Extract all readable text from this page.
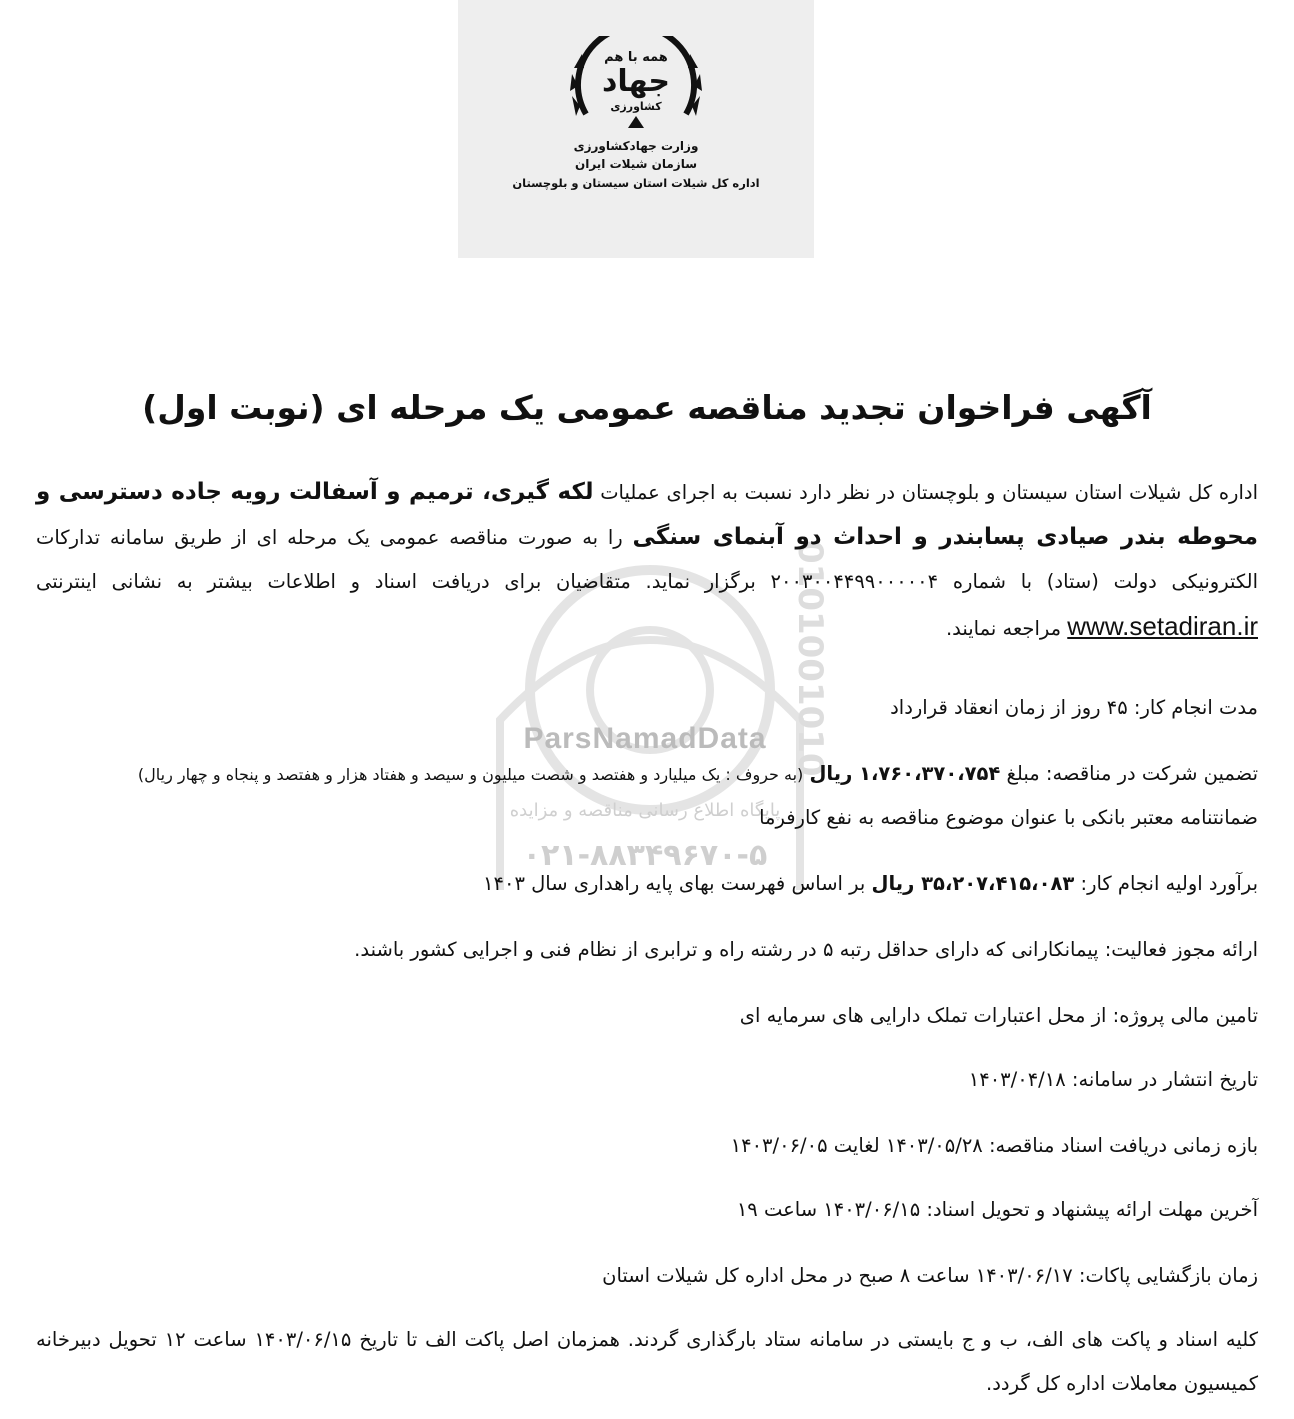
همه با هم
جهاد
کشاورزی
وزارت جهادکشاورزی
سازمان شیلات ایران
اداره کل شیلات استان سیستان و بلوچستان
0101001010
ParsNamadData
پایگاه اطلاع رسانی مناقصه و مزایده
۰۲۱-۸۸۳۴۹۶۷۰-۵
آگهی فراخوان تجدید مناقصه عمومی یک مرحله ای (نوبت اول)
اداره کل شیلات استان سیستان و بلوچستان در نظر دارد نسبت به اجرای عملیات لکه گیری، ترمیم و آسفالت رویه جاده دسترسی و محوطه بندر صیادی پسابندر و احداث دو آبنمای سنگی را به صورت مناقصه عمومی یک مرحله ای از طریق سامانه تدارکات الکترونیکی دولت (ستاد) با شماره ۲۰۰۳۰۰۴۴۹۹۰۰۰۰۰۴ برگزار نماید. متقاضیان برای دریافت اسناد و اطلاعات بیشتر به نشانی اینترنتی www.setadiran.ir مراجعه نمایند.
مدت انجام کار: ۴۵ روز از زمان انعقاد قرارداد
تضمین شرکت در مناقصه: مبلغ ۱،۷۶۰،۳۷۰،۷۵۴ ریال (به حروف : یک میلیارد و هفتصد و شصت میلیون و سیصد و هفتاد هزار و هفتصد و پنجاه و چهار ریال)
ضمانتنامه معتبر بانکی با عنوان موضوع مناقصه به نفع کارفرما
برآورد اولیه انجام کار: ۳۵،۲۰۷،۴۱۵،۰۸۳ ریال بر اساس فهرست بهای پایه راهداری سال ۱۴۰۳
ارائه مجوز فعالیت: پیمانکارانی که دارای حداقل رتبه ۵ در رشته راه و ترابری از نظام فنی و اجرایی کشور باشند.
تامین مالی پروژه: از محل اعتبارات تملک دارایی های سرمایه ای
تاریخ انتشار در سامانه: ۱۴۰۳/۰۴/۱۸
بازه زمانی دریافت اسناد مناقصه: ۱۴۰۳/۰۵/۲۸ لغایت ۱۴۰۳/۰۶/۰۵
آخرین مهلت ارائه پیشنهاد و تحویل اسناد: ۱۴۰۳/۰۶/۱۵ ساعت ۱۹
زمان بازگشایی پاکات: ۱۴۰۳/۰۶/۱۷ ساعت ۸ صبح در محل اداره کل شیلات استان
کلیه اسناد و پاکت های الف، ب و ج بایستی در سامانه ستاد بارگذاری گردند. همزمان اصل پاکت الف تا تاریخ ۱۴۰۳/۰۶/۱۵ ساعت ۱۲ تحویل دبیرخانه کمیسیون معاملات اداره کل گردد.
